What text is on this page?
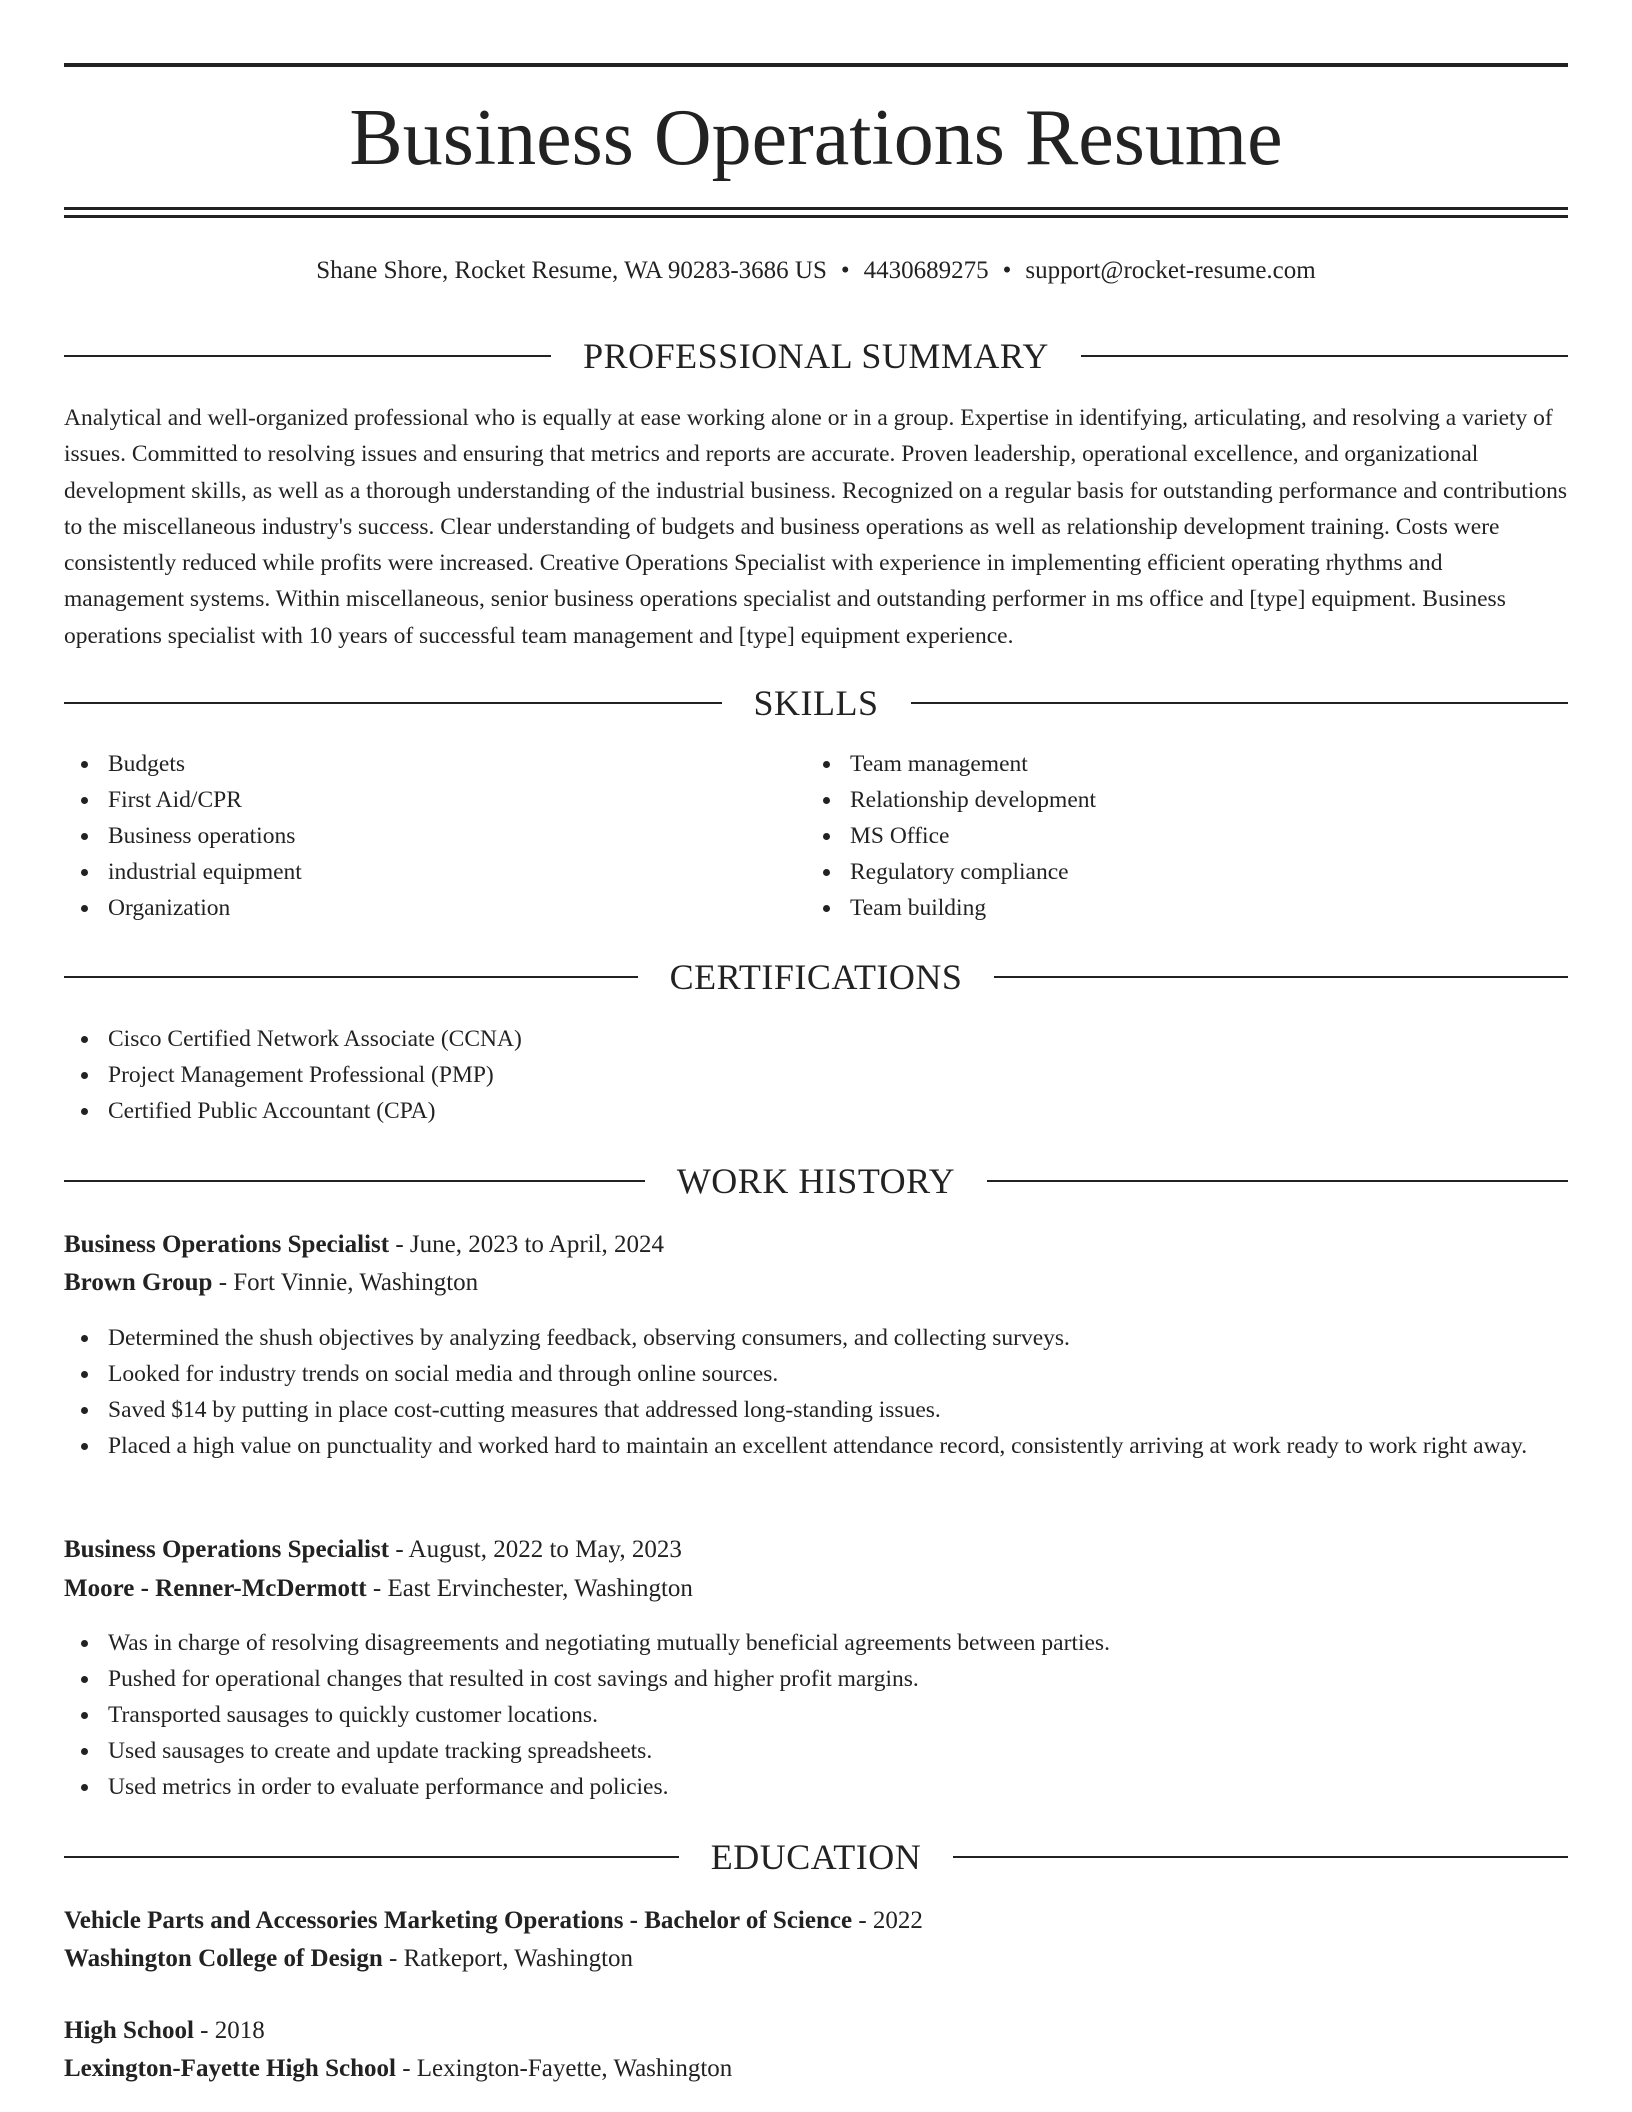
Business Operations Resume
Shane Shore, Rocket Resume, WA 90283-3686 US • 4430689275 • support@rocket-resume.com
PROFESSIONAL SUMMARY

Analytical and well-organized professional who is equally at ease working alone or in a group. Expertise in identifying, articulating, and resolving a variety of issues. Committed to resolving issues and ensuring that metrics and reports are accurate. Proven leadership, operational excellence, and organizational development skills, as well as a thorough understanding of the industrial business. Recognized on a regular basis for outstanding performance and contributions to the miscellaneous industry's success. Clear understanding of budgets and business operations as well as relationship development training. Costs were consistently reduced while profits were increased. Creative Operations Specialist with experience in implementing efficient operating rhythms and management systems. Within miscellaneous, senior business operations specialist and outstanding performer in ms office and [type] equipment. Business operations specialist with 10 years of successful team management and [type] equipment experience.

SKILLS
Budgets
First Aid/CPR
Business operations
industrial equipment
Organization
Team management
Relationship development
MS Office
Regulatory compliance
Team building
CERTIFICATIONS
Cisco Certified Network Associate (CCNA)
Project Management Professional (PMP)
Certified Public Accountant (CPA)
WORK HISTORY
Business Operations Specialist - June, 2023 to April, 2024
Brown Group - Fort Vinnie, Washington
Determined the shush objectives by analyzing feedback, observing consumers, and collecting surveys.
Looked for industry trends on social media and through online sources.
Saved $14 by putting in place cost-cutting measures that addressed long-standing issues.
Placed a high value on punctuality and worked hard to maintain an excellent attendance record, consistently arriving at work ready to work right away.
Business Operations Specialist - August, 2022 to May, 2023
Moore - Renner-McDermott - East Ervinchester, Washington
Was in charge of resolving disagreements and negotiating mutually beneficial agreements between parties.
Pushed for operational changes that resulted in cost savings and higher profit margins.
Transported sausages to quickly customer locations.
Used sausages to create and update tracking spreadsheets.
Used metrics in order to evaluate performance and policies.
EDUCATION
Vehicle Parts and Accessories Marketing Operations - Bachelor of Science - 2022
Washington College of Design - Ratkeport, Washington
High School - 2018
Lexington-Fayette High School - Lexington-Fayette, Washington
